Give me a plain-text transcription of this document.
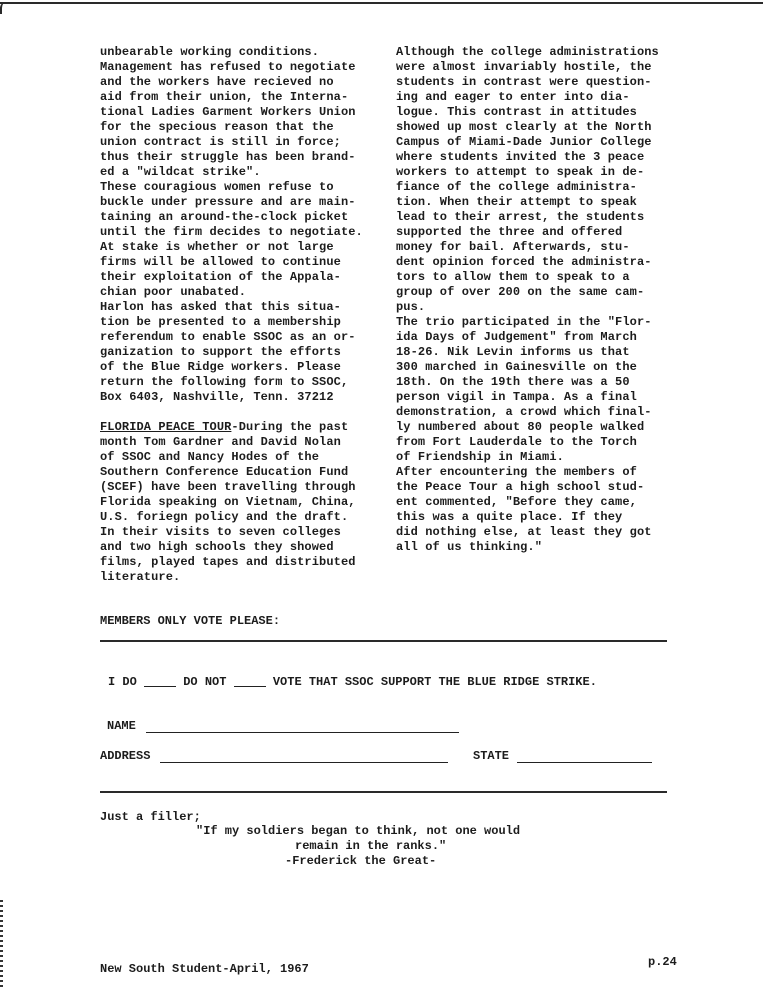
unbearable working conditions.

Management has refused to negotiate

and the workers have recieved no

aid from their union, the Interna-

tional Ladies Garment Workers Union

for the specious reason that the

union contract is still in force;

thus their struggle has been brand-

ed a "wildcat strike".

These couragious women refuse to

buckle under pressure and are main-

taining an around-the-clock picket

until the firm decides to negotiate.

At stake is whether or not large

firms will be allowed to continue

their exploitation of the Appala-

chian poor unabated.

Harlon has asked that this situa-

tion be presented to a membership

referendum to enable SSOC as an or-

ganization to support the efforts

of the Blue Ridge workers. Please

return the following form to SSOC,

Box 6403, Nashville, Tenn. 37212

FLORIDA PEACE TOUR-During the past

month Tom Gardner and David Nolan

of SSOC and Nancy Hodes of the

Southern Conference Education Fund

(SCEF) have been travelling through

Florida speaking on Vietnam, China,

U.S. foriegn policy and the draft.

In their visits to seven colleges

and two high schools they showed

films, played tapes and distributed

literature.

Although the college administrations

were almost invariably hostile, the

students in contrast were question-

ing and eager to enter into dia-

logue. This contrast in attitudes

showed up most clearly at the North

Campus of Miami-Dade Junior College

where students invited the 3 peace

workers to attempt to speak in de-

fiance of the college administra-

tion. When their attempt to speak

lead to their arrest, the students

supported the three and offered

money for bail. Afterwards, stu-

dent opinion forced the administra-

tors to allow them to speak to a

group of over 200 on the same cam-

pus.

The trio participated in the "Flor-

ida Days of Judgement" from March

18-26. Nik Levin informs us that

300 marched in Gainesville on the

18th. On the 19th there was a 50

person vigil in Tampa. As a final

demonstration, a crowd which final-

ly numbered about 80 people walked

from Fort Lauderdale to the Torch

of Friendship in Miami.

After encountering the members of

the Peace Tour a high school stud-

ent commented, "Before they came,

this was a quite place. If they

did nothing else, at least they got

all of us thinking."

MEMBERS ONLY VOTE PLEASE:
I DO	DO NOT	VOTE THAT SSOC SUPPORT THE BLUE RIDGE STRIKE.
NAME
ADDRESS	STATE
Just a filler;
"If my soldiers began to think, not one would
remain in the ranks."
-Frederick the Great-
New South Student-April, 1967	p.24
